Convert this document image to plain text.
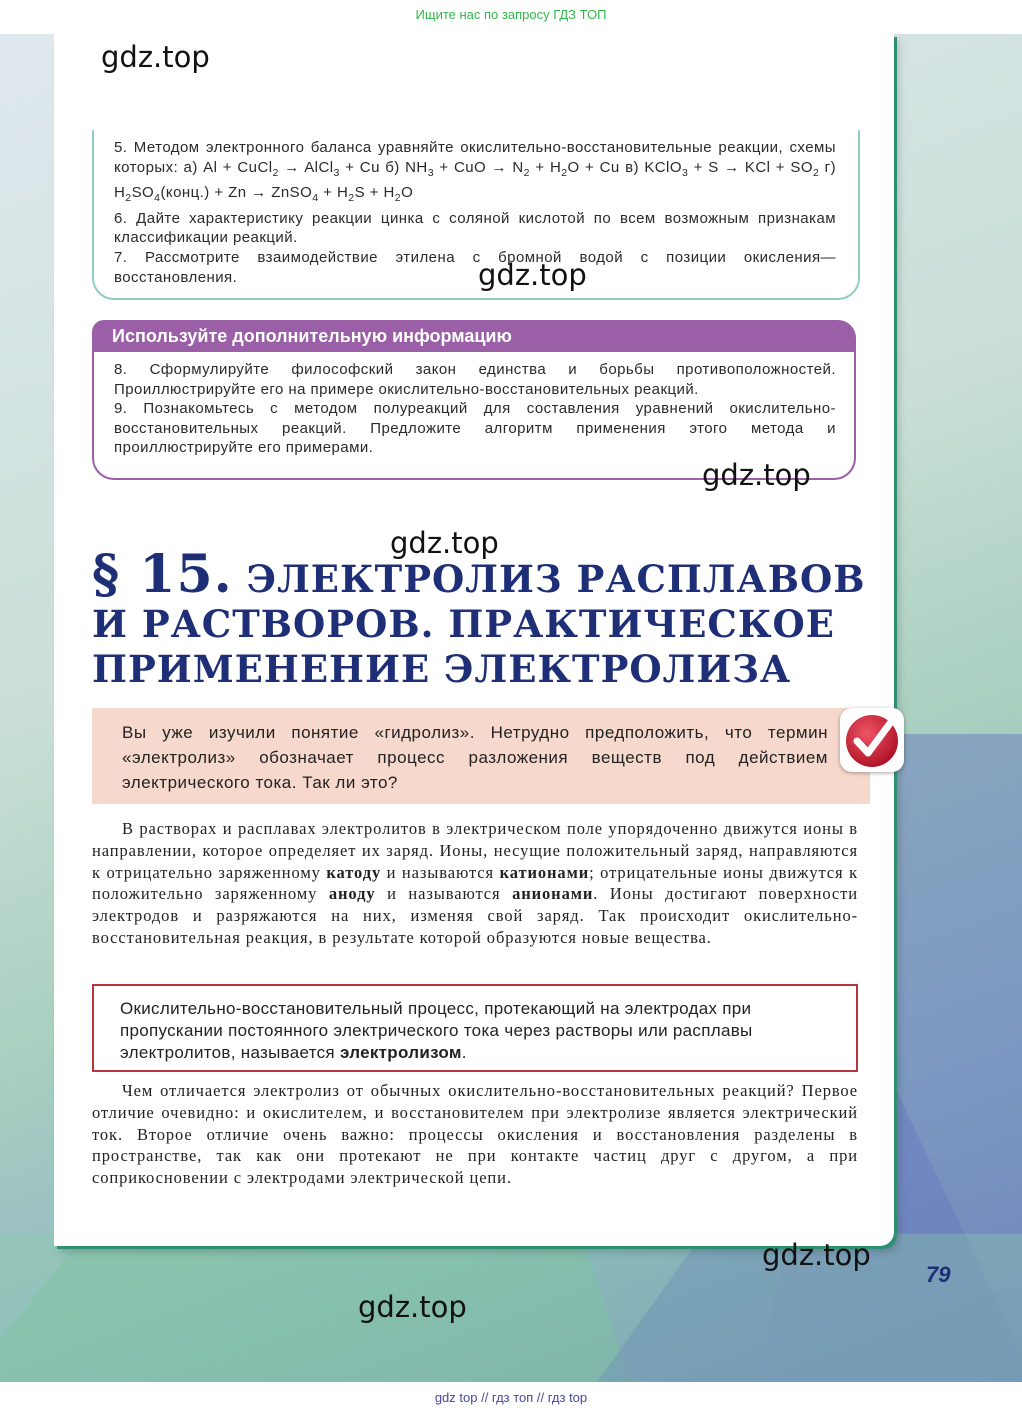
Ищите нас по запросу ГДЗ ТОП
gdz.top

5. Методом электронного баланса уравняйте окислительно-восстановительные реакции, схемы которых: а) Al + CuCl$_2$ → AlCl$_3$ + Cu б) $NH_3$ + CuO → $N_2 + H_2O + Cu$ в) KClO$_3$ + S → KCl + $SO_2$ г) $H_2SO_4(конц.) + Zn$ → ZnSO$_4$ + $H_2S + H_2O$

6. Дайте характеристику реакции цинка с соляной кислотой по всем возможным признакам классификации реакций.

7. Рассмотрите взаимодействие этилена с бромной водой с позиции окисления—восстановления.	gdz.top
Используйте дополнительную информацию

8. Сформулируйте философский закон единства и борьбы противоположностей. Проиллюстрируйте его на примере окислительно-восстановительных реакций.

9. Познакомьтесь с методом полуреакций для составления уравнений окислительно-восстановительных реакций. Предложите алгоритм применения этого метода и проиллюстрируйте его примерами.

gdz.top
gdz.top
§ 15. ЭЛЕКТРОЛИЗ РАСПЛАВОВ
И РАСТВОРОВ. ПРАКТИЧЕСКОЕ
ПРИМЕНЕНИЕ ЭЛЕКТРОЛИЗА

Вы уже изучили понятие «гидролиз». Нетрудно предположить, что термин «электролиз» обозначает процесс разложения веществ под действием электрического тока. Так ли это?

В растворах и расплавах электролитов в электрическом поле упорядоченно движутся ионы в направлении, которое определяет их заряд. Ионы, несущие положительный заряд, направляются к отрицательно заряженному катоду и называются катионами; отрицательные ионы движутся к положительно заряженному аноду и называются анионами. Ионы достигают поверхности электродов и разряжаются на них, изменяя свой заряд. Так происходит окислительно-восстановительная реакция, в результате которой образуются новые вещества.

Окислительно-восстановительный процесс, протекающий на электродах при пропускании постоянного электрического тока через растворы или расплавы электролитов, называется электролизом.

Чем отличается электролиз от обычных окислительно-восстановительных реакций? Первое отличие очевидно: и окислителем, и восстановителем при электролизе является электрический ток. Второе отличие очень важно: процессы окисления и восстановления разделены в пространстве, так как они протекают не при контакте частиц друг с другом, а при соприкосновении с электродами электрической цепи.

gdz.top
79
gdz.top
gdz top // гдз топ // гдз top
